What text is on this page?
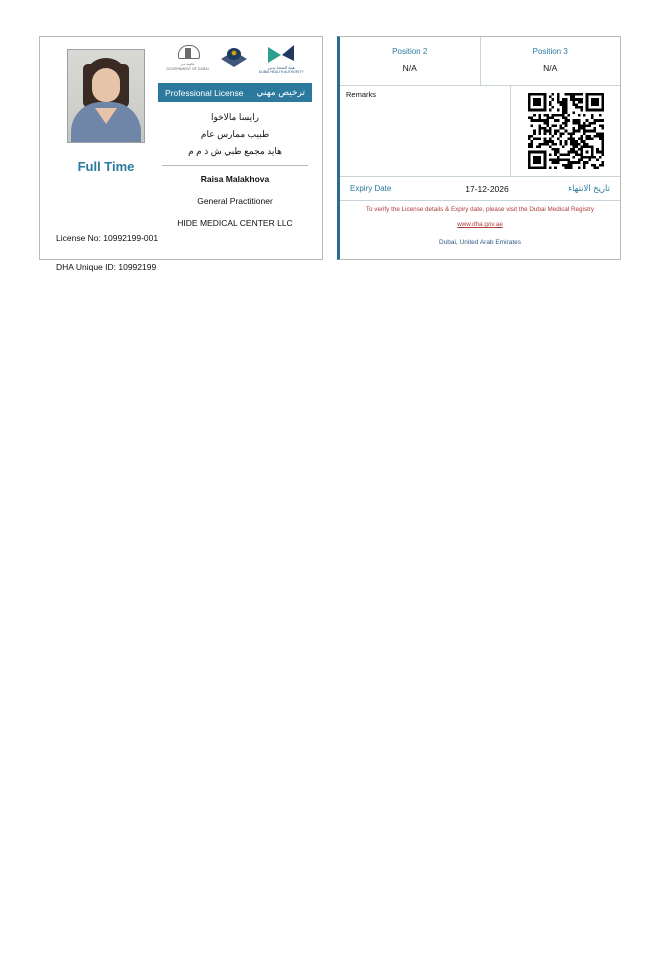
Full Time
حكومة دبي
GOVERNMENT OF DUBAI	هيئة الصحة بدبي
DUBAI HEALTH AUTHORITY
Professional License ترخيص مهني
رايسا مالاخوا
طبيب ممارس عام
هايد مجمع طبي ش ذ م م
Raisa Malakhova
General Practitioner
HIDE MEDICAL CENTER LLC
License No: 10992199-001
DHA Unique ID: 10992199
Position 2
N/A
Position 3
N/A
Remarks
Expiry Date	17-12-2026	تاريخ الانتهاء
To verify the License details & Expiry date, please visit the Dubai Medical Registry
www.dha.gov.ae
Dubai, United Arab Emirates
